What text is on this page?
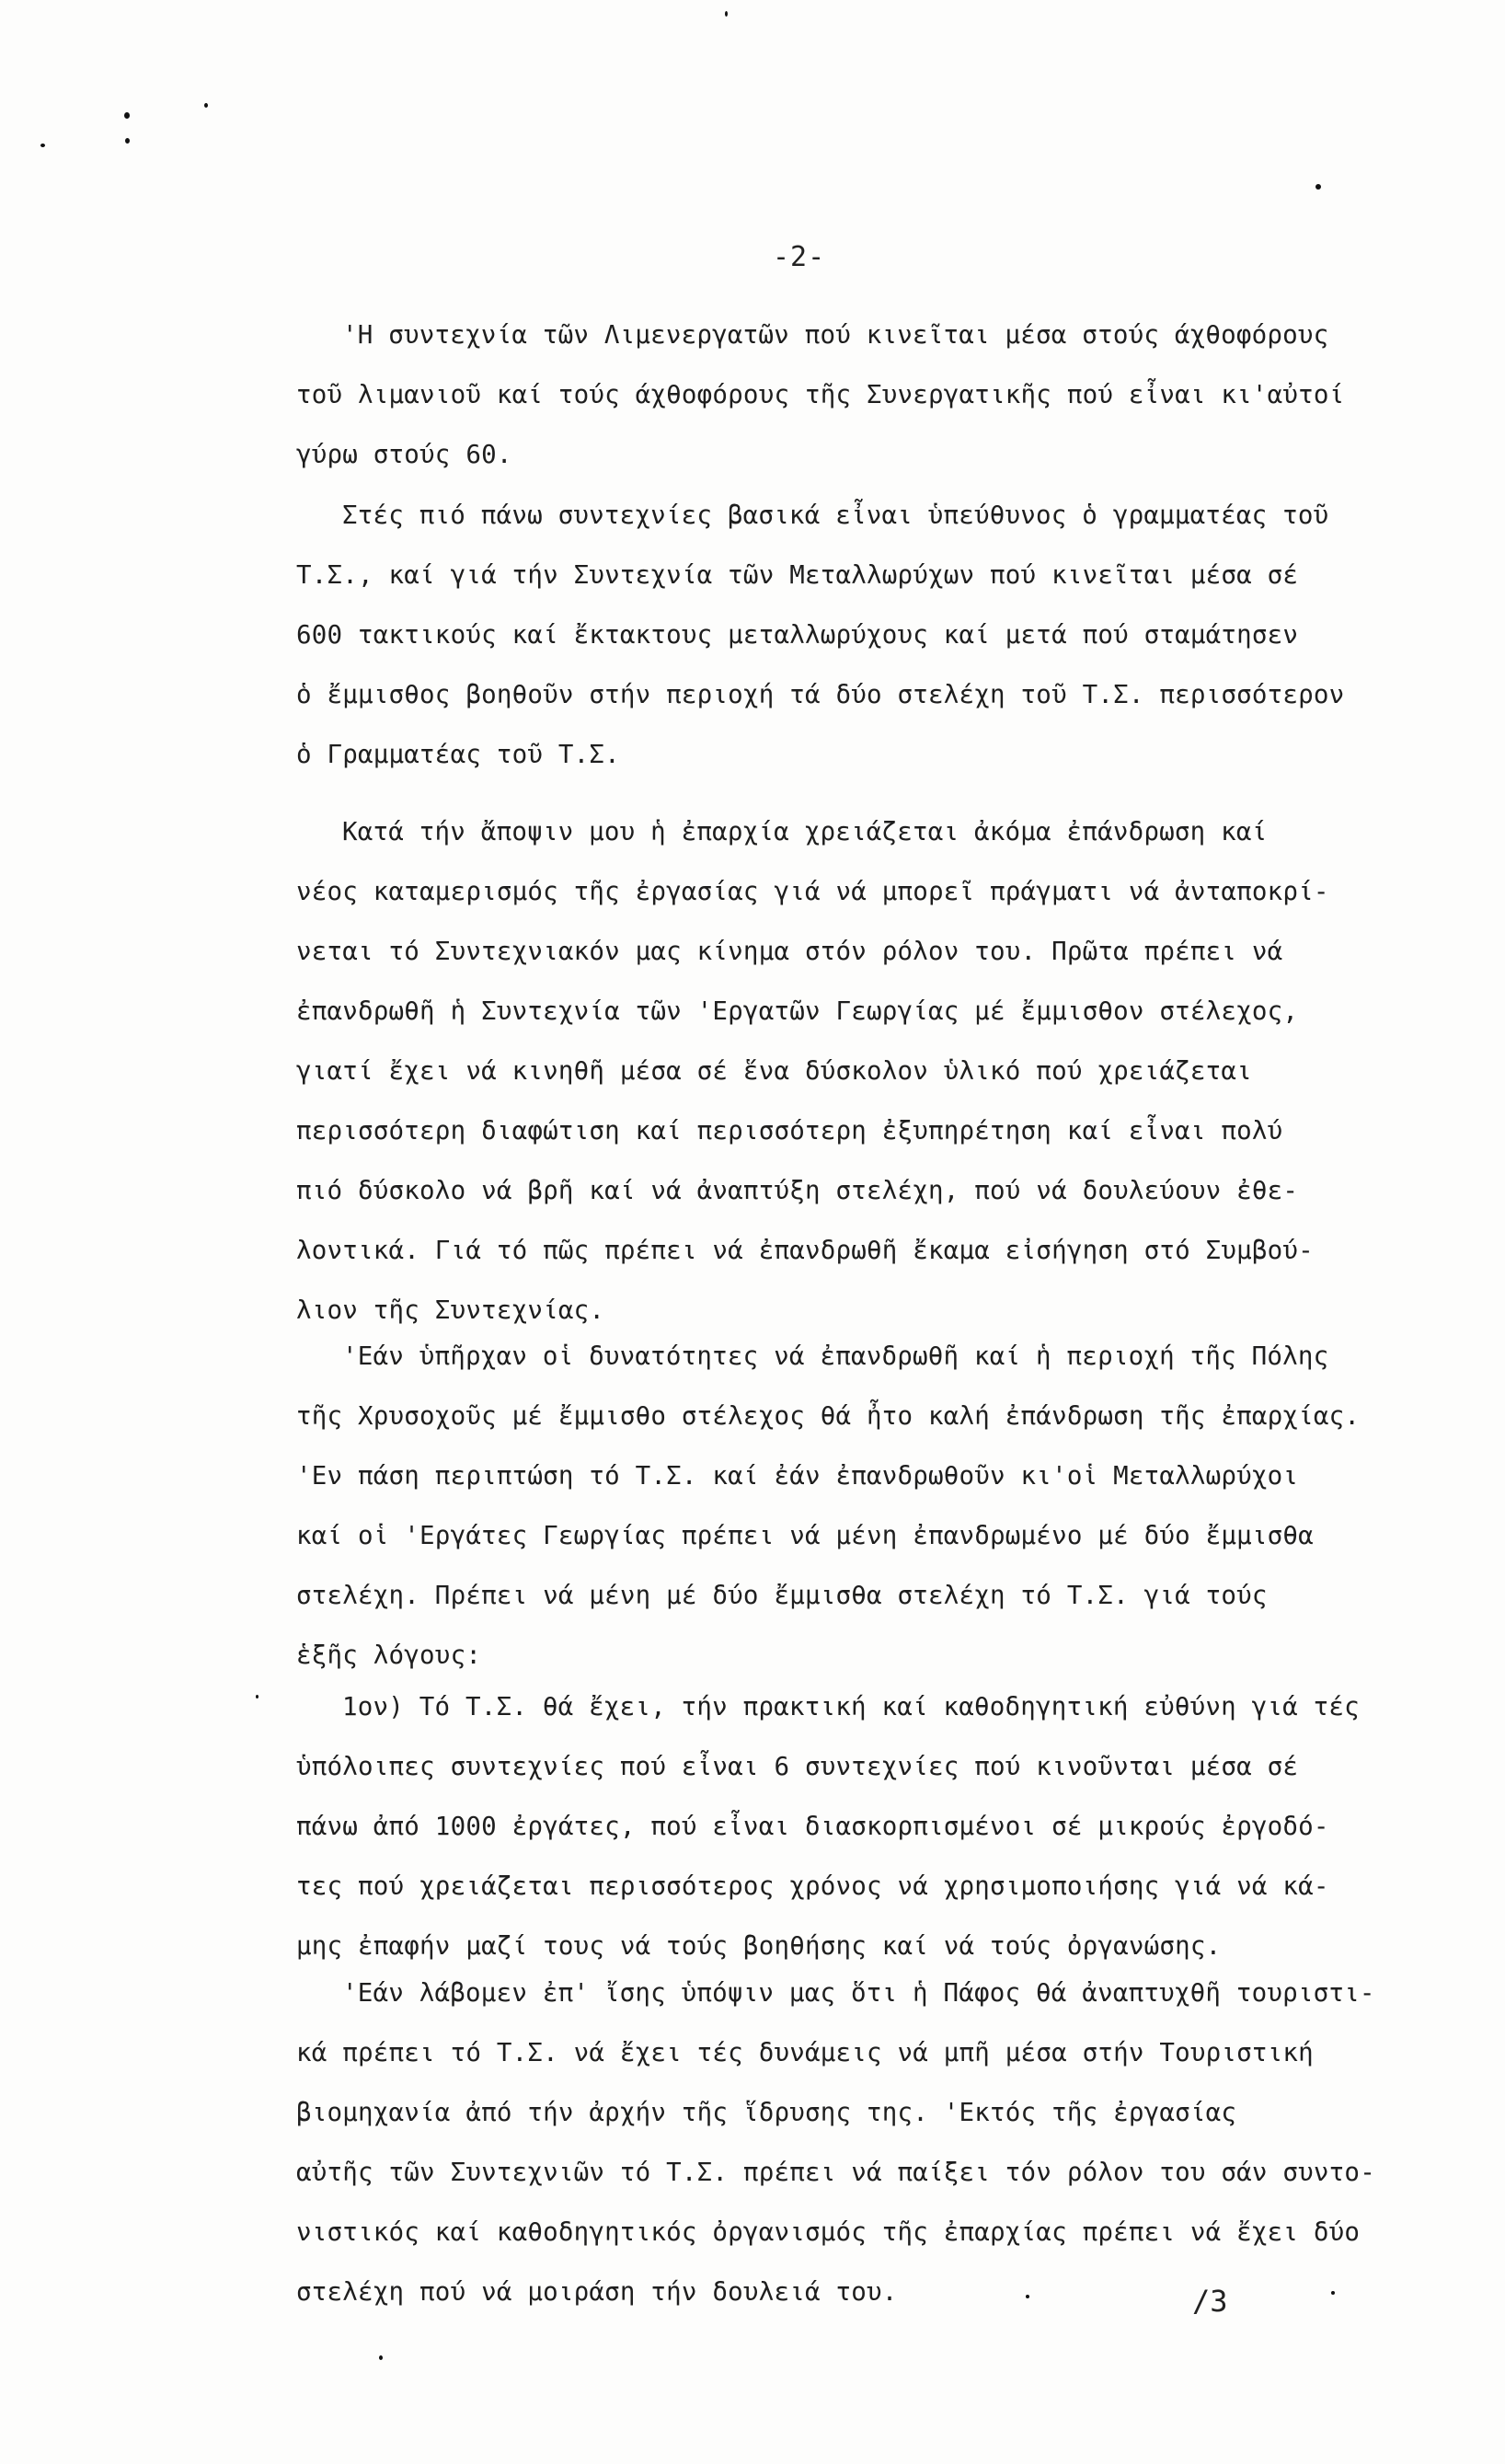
-2-
'Η συντεχνία τῶν Λιμενεργατῶν πού κινεῖται μέσα στούς άχθοφόρους
τοῦ λιμανιοῦ καί τούς άχθοφόρους τῆς Συνεργατικῆς πού εἶναι κι'αὐτοί
γύρω στούς 60.
Στές πιό πάνω συντεχνίες βασικά εἶναι ὑπεύθυνος ὁ γραμματέας τοῦ
Τ.Σ., καί γιά τήν Συντεχνία τῶν Μεταλλωρύχων πού κινεῖται μέσα σέ
600 τακτικούς καί ἔκτακτους μεταλλωρύχους καί μετά πού σταμάτησεν
ὁ ἔμμισθος βοηθοῦν στήν περιοχή τά δύο στελέχη τοῦ Τ.Σ. περισσότερον
ὁ Γραμματέας τοῦ Τ.Σ.
Κατά τήν ἄποψιν μου ἡ ἐπαρχία χρειάζεται ἀκόμα ἐπάνδρωση καί
νέος καταμερισμός τῆς ἐργασίας γιά νά μπορεῖ πράγματι νά ἀνταποκρί-
νεται τό Συντεχνιακόν μας κίνημα στόν ρόλον του. Πρῶτα πρέπει νά
ἐπανδρωθῆ ἡ Συντεχνία τῶν 'Εργατῶν Γεωργίας μέ ἔμμισθον στέλεχος,
γιατί ἔχει νά κινηθῆ μέσα σέ ἕνα δύσκολον ὑλικό πού χρειάζεται
περισσότερη διαφώτιση καί περισσότερη ἐξυπηρέτηση καί εἶναι πολύ
πιό δύσκολο νά βρῆ καί νά ἀναπτύξη στελέχη, πού νά δουλεύουν ἐθε-
λοντικά. Γιά τό πῶς πρέπει νά ἐπανδρωθῆ ἔκαμα εἰσήγηση στό Συμβού-
λιον τῆς Συντεχνίας.
'Εάν ὑπῆρχαν οἱ δυνατότητες νά ἐπανδρωθῆ καί ἡ περιοχή τῆς Πόλης
τῆς Χρυσοχοῦς μέ ἔμμισθο στέλεχος θά ἦτο καλή ἐπάνδρωση τῆς ἐπαρχίας.
'Εν πάση περιπτώση τό Τ.Σ. καί ἐάν ἐπανδρωθοῦν κι'οἱ Μεταλλωρύχοι
καί οἱ 'Εργάτες Γεωργίας πρέπει νά μένη ἐπανδρωμένο μέ δύο ἔμμισθα
στελέχη. Πρέπει νά μένη μέ δύο ἔμμισθα στελέχη τό Τ.Σ. γιά τούς
ἑξῆς λόγους:
1ον) Τό Τ.Σ. θά ἔχει, τήν πρακτική καί καθοδηγητική εὐθύνη γιά τές
ὑπόλοιπες συντεχνίες πού εἶναι 6 συντεχνίες πού κινοῦνται μέσα σέ
πάνω ἀπό 1000 ἐργάτες, πού εἶναι διασκορπισμένοι σέ μικρούς ἐργοδό-
τες πού χρειάζεται περισσότερος χρόνος νά χρησιμοποιήσης γιά νά κά-
μης ἐπαφήν μαζί τους νά τούς βοηθήσης καί νά τούς ὀργανώσης.
'Εάν λάβομεν ἐπ' ἴσης ὑπόψιν μας ὅτι ἡ Πάφος θά ἀναπτυχθῆ τουριστι-
κά πρέπει τό Τ.Σ. νά ἔχει τές δυνάμεις νά μπῆ μέσα στήν Τουριστική
βιομηχανία ἀπό τήν ἀρχήν τῆς ἵδρυσης της. 'Εκτός τῆς ἐργασίας
αὐτῆς τῶν Συντεχνιῶν τό Τ.Σ. πρέπει νά παίξει τόν ρόλον του σάν συντο-
νιστικός καί καθοδηγητικός ὀργανισμός τῆς ἐπαρχίας πρέπει νά ἔχει δύο
στελέχη πού νά μοιράση τήν δουλειά του.	/3
